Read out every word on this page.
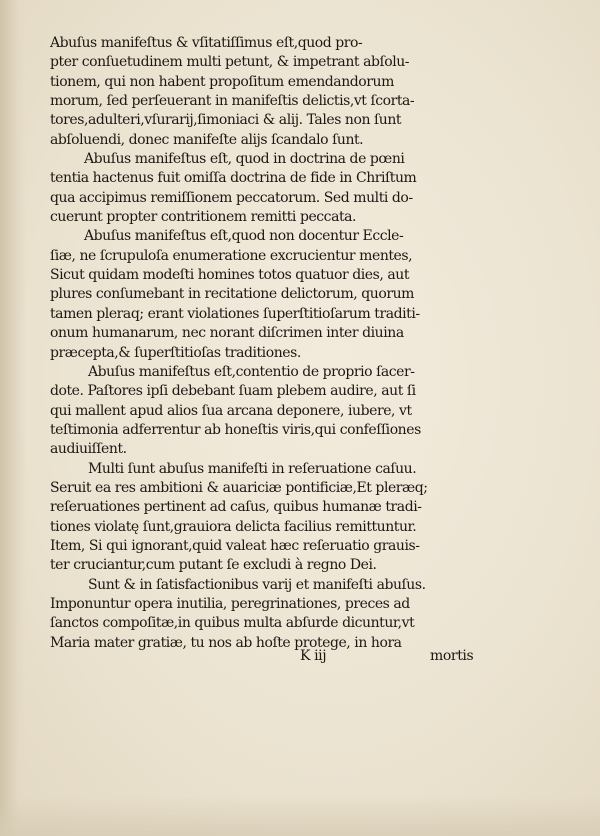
Abuſus manifeſtus & vſitatiſſimus eſt,quod pro-
pter conſuetudinem multi petunt, & impetrant abſolu-
tionem, qui non habent propoſitum emendandorum
morum, ſed perſeuerant in manifeſtis delictis,vt ſcorta-
tores,adulteri,vſurarij,ſimoniaci & alij. Tales non ſunt
abſoluendi, donec manifeſte alijs ſcandalo ſunt.
Abuſus manifeſtus eſt, quod in doctrina de pœni
tentia hactenus fuit omiſſa doctrina de fide in Chriſtum
qua accipimus remiſſionem peccatorum. Sed multi do-
cuerunt propter contritionem remitti peccata.
Abuſus manifeſtus eſt,quod non docentur Eccle-
ſiæ, ne ſcrupuloſa enumeratione excrucientur mentes,
Sicut quidam modeſti homines totos quatuor dies, aut
plures conſumebant in recitatione delictorum, quorum
tamen pleraq; erant violationes ſuperſtitioſarum traditi-
onum humanarum, nec norant diſcrimen inter diuina
præcepta,& ſuperſtitioſas traditiones.
Abuſus manifeſtus eſt,contentio de proprio ſacer-
dote. Paſtores ipſi debebant ſuam plebem audire, aut ſi
qui mallent apud alios ſua arcana deponere, iubere, vt
teſtimonia adferrentur ab honeſtis viris,qui confeſſiones
audiuiſſent.
Multi ſunt abuſus manifeſti in reſeruatione caſuu.
Seruit ea res ambitioni & auariciæ pontificiæ,Et pleræq;
reſeruationes pertinent ad caſus, quibus humanæ tradi-
tiones violatę ſunt,grauiora delicta facilius remittuntur.
Item, Si qui ignorant,quid valeat hæc reſeruatio grauis-
ter cruciantur,cum putant ſe excludi à regno Dei.
Sunt & in ſatisfactionibus varij et manifeſti abuſus.
Imponuntur opera inutilia, peregrinationes, preces ad
ſanctos compoſitæ,in quibus multa abſurde dicuntur,vt
Maria mater gratiæ, tu nos ab hoſte protege, in hora
K iij	mortis
